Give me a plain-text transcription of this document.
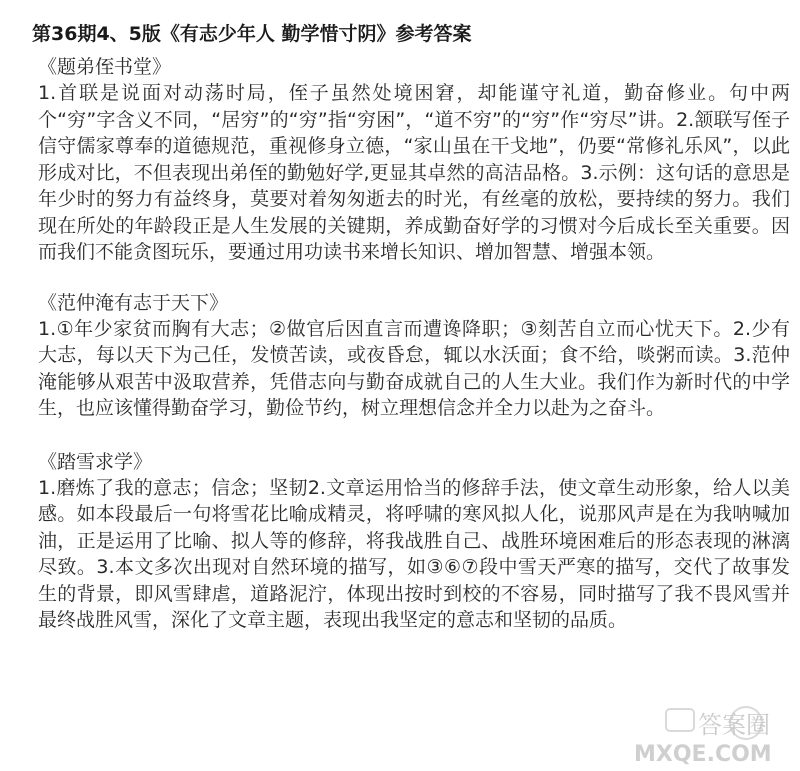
第36期4、5版《有志少年人 勤学惜寸阴》参考答案
《题弟侄书堂》
1.首联是说面对动荡时局，侄子虽然处境困窘，却能谨守礼道，勤奋修业。句中两个“穷”字含义不同，“居穷”的“穷”指“穷困”，“道不穷”的“穷”作“穷尽”讲。2.颔联写侄子信守儒家尊奉的道德规范，重视修身立德，“家山虽在干戈地”，仍要“常修礼乐风”，以此形成对比，不但表现出弟侄的勤勉好学,更显其卓然的高洁品格。3.示例：这句话的意思是年少时的努力有益终身，莫要对着匆匆逝去的时光，有丝毫的放松，要持续的努力。我们现在所处的年龄段正是人生发展的关键期，养成勤奋好学的习惯对今后成长至关重要。因而我们不能贪图玩乐，要通过用功读书来增长知识、增加智慧、增强本领。
《范仲淹有志于天下》
1.①年少家贫而胸有大志；②做官后因直言而遭谗降职；③刻苦自立而心忧天下。2.少有大志，每以天下为己任，发愤苦读，或夜昏怠，辄以水沃面；食不给，啖粥而读。3.范仲淹能够从艰苦中汲取营养，凭借志向与勤奋成就自己的人生大业。我们作为新时代的中学生，也应该懂得勤奋学习，勤俭节约，树立理想信念并全力以赴为之奋斗。
《踏雪求学》
1.磨炼了我的意志；信念；坚韧2.文章运用恰当的修辞手法，使文章生动形象，给人以美感。如本段最后一句将雪花比喻成精灵，将呼啸的寒风拟人化，说那风声是在为我呐喊加油，正是运用了比喻、拟人等的修辞，将我战胜自己、战胜环境困难后的形态表现的淋漓尽致。3.本文多次出现对自然环境的描写，如③⑥⑦段中雪天严寒的描写，交代了故事发生的背景，即风雪肆虐，道路泥泞，体现出按时到校的不容易，同时描写了我不畏风雪并最终战胜风雪，深化了文章主题，表现出我坚定的意志和坚韧的品质。
答案圈
MXQE.COM
